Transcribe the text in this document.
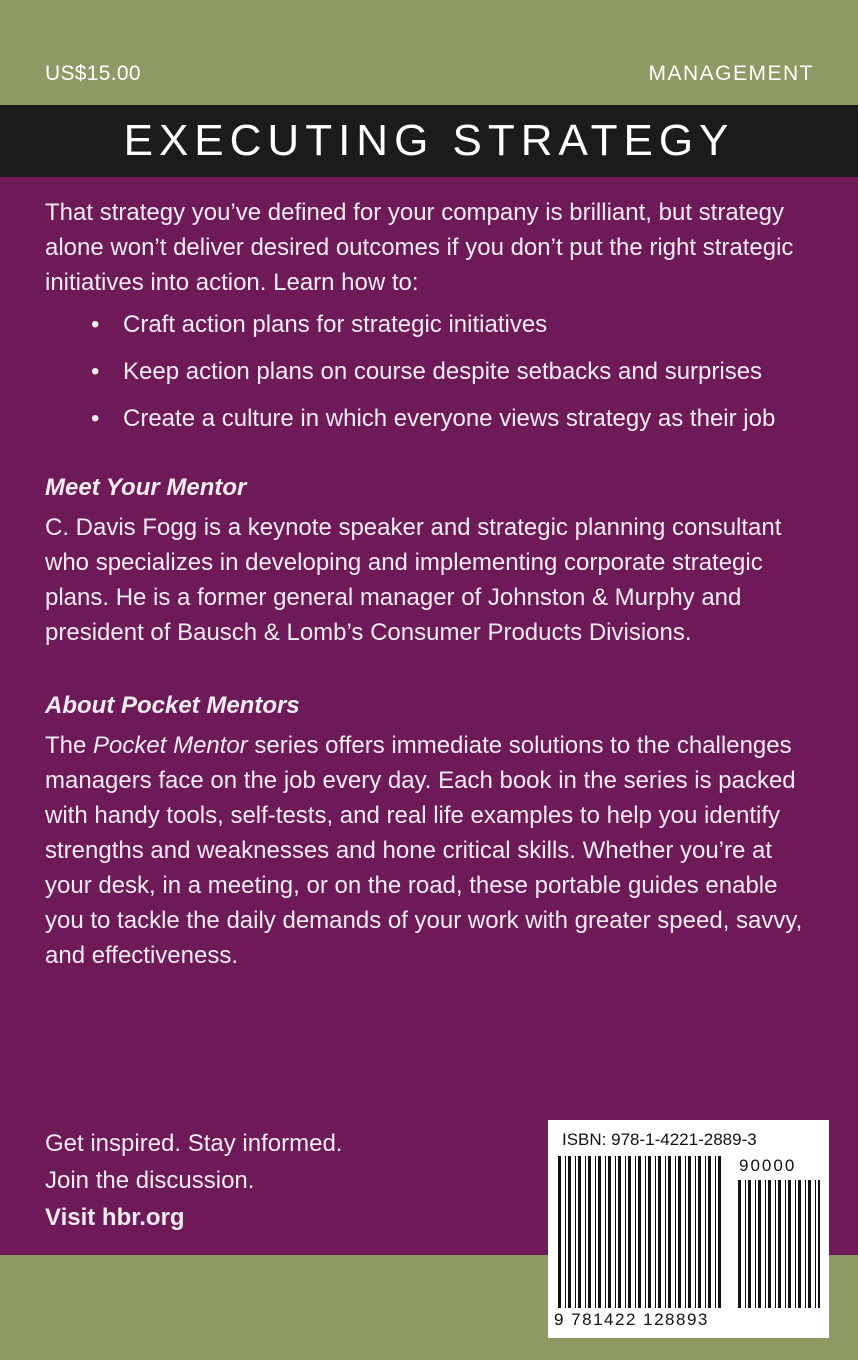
US$15.00	MANAGEMENT
EXECUTING STRATEGY

That strategy you’ve defined for your company is brilliant, but strategy alone won’t deliver desired outcomes if you don’t put the right strategic initiatives into action. Learn how to:

• Craft action plans for strategic initiatives
• Keep action plans on course despite setbacks and surprises
• Create a culture in which everyone views strategy as their job
Meet Your Mentor

C. Davis Fogg is a keynote speaker and strategic planning consultant who specializes in developing and implementing corporate strategic plans. He is a former general manager of Johnston & Murphy and president of Bausch & Lomb’s Consumer Products Divisions.

About Pocket Mentors

The Pocket Mentor series offers immediate solutions to the challenges managers face on the job every day. Each book in the series is packed with handy tools, self-tests, and real life examples to help you identify strengths and weaknesses and hone critical skills. Whether you’re at your desk, in a meeting, or on the road, these portable guides enable you to tackle the daily demands of your work with greater speed, savvy, and effectiveness.

Get inspired. Stay informed.
Join the discussion.
Visit hbr.org
ISBN: 978-1-4221-2889-3
90000
9 781422 128893
